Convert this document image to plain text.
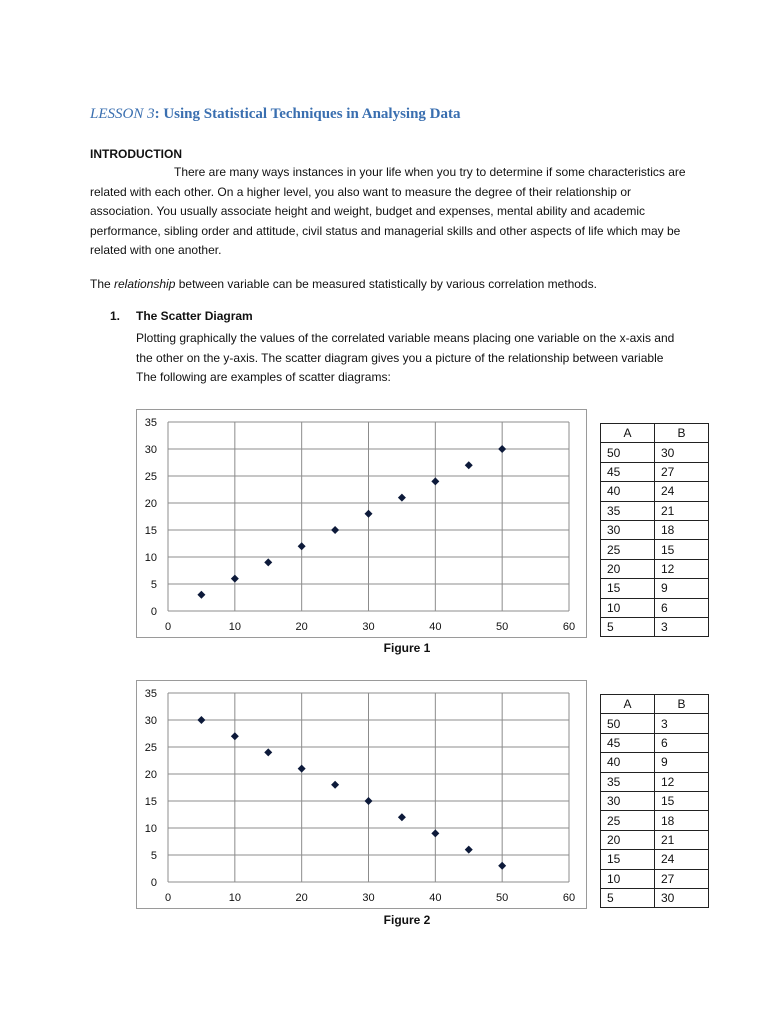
LESSON 3: Using Statistical Techniques in Analysing Data
INTRODUCTION
There are many ways instances in your life when you try to determine if some characteristics are related with each other. On a higher level, you also want to measure the degree of their relationship or association. You usually associate height and weight, budget and expenses, mental ability and academic performance, sibling order and attitude, civil status and managerial skills and other aspects of life which may be related with one another.
The relationship between variable can be measured statistically by various correlation methods.
1. The Scatter Diagram
Plotting graphically the values of the correlated variable means placing one variable on the x-axis and the other on the y-axis. The scatter diagram gives you a picture of the relationship between variable
The following are examples of scatter diagrams:
0
5
10
15
20
25
30
35
0	10	20	30	40	50	60
Figure 1
A	B
50	30
45	27
40	24
35	21
30	18
25	15
20	12
15	9
10	6
5	3
0
5
10
15
20
25
30
35
0	10	20	30	40	50	60
Figure 2
A	B
50	3
45	6
40	9
35	12
30	15
25	18
20	21
15	24
10	27
5	30
